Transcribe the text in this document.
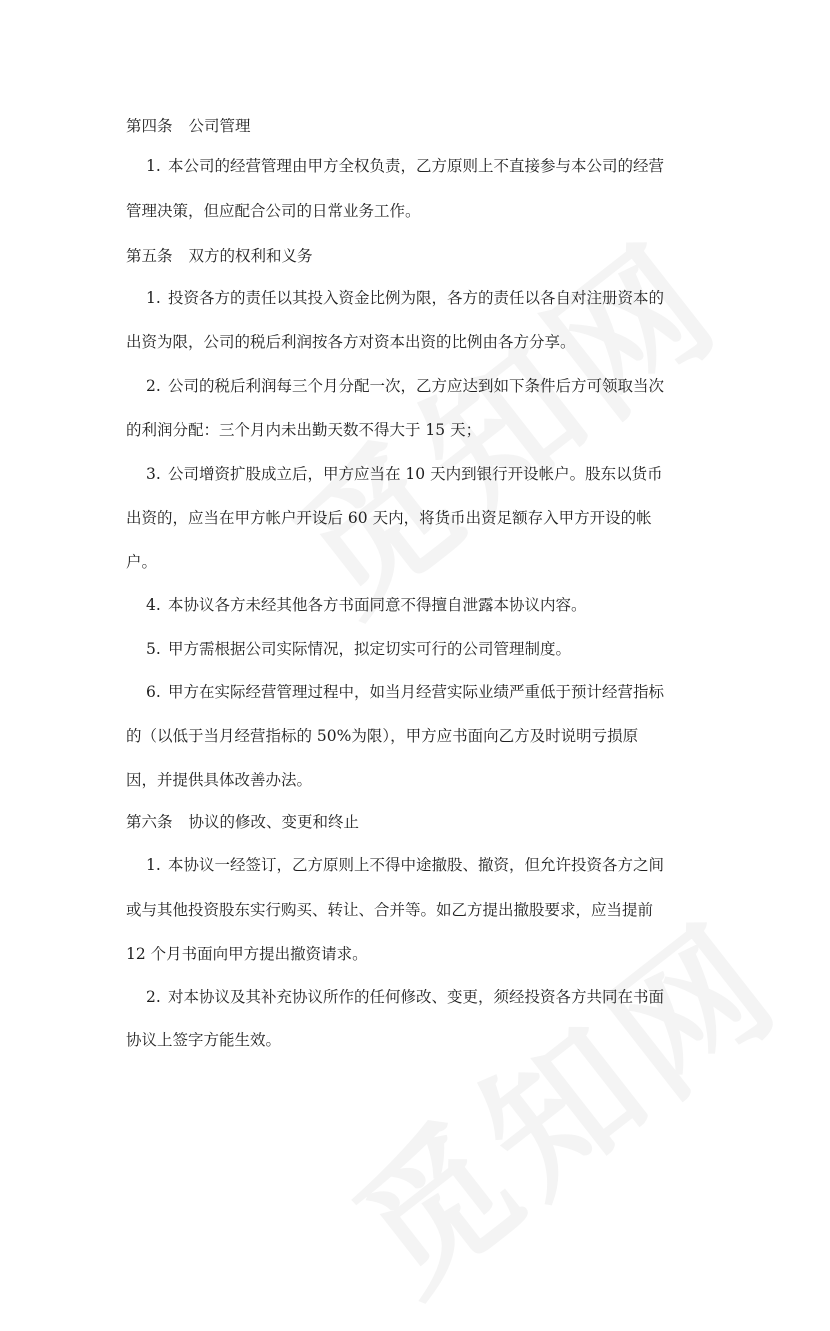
第四条 公司管理
1. 本公司的经营管理由甲方全权负责，乙方原则上不直接参与本公司的经营
管理决策，但应配合公司的日常业务工作。
第五条 双方的权利和义务
1. 投资各方的责任以其投入资金比例为限，各方的责任以各自对注册资本的
出资为限，公司的税后利润按各方对资本出资的比例由各方分享。
2. 公司的税后利润每三个月分配一次，乙方应达到如下条件后方可领取当次
的利润分配：三个月内未出勤天数不得大于 15 天；
3. 公司增资扩股成立后，甲方应当在 10 天内到银行开设帐户。股东以货币
出资的，应当在甲方帐户开设后 60 天内，将货币出资足额存入甲方开设的帐
户。
4. 本协议各方未经其他各方书面同意不得擅自泄露本协议内容。
5. 甲方需根据公司实际情况，拟定切实可行的公司管理制度。
6. 甲方在实际经营管理过程中，如当月经营实际业绩严重低于预计经营指标
的（以低于当月经营指标的 50%为限），甲方应书面向乙方及时说明亏损原
因，并提供具体改善办法。
第六条 协议的修改、变更和终止
1. 本协议一经签订，乙方原则上不得中途撤股、撤资，但允许投资各方之间
或与其他投资股东实行购买、转让、合并等。如乙方提出撤股要求，应当提前
12 个月书面向甲方提出撤资请求。
2. 对本协议及其补充协议所作的任何修改、变更，须经投资各方共同在书面
协议上签字方能生效。
